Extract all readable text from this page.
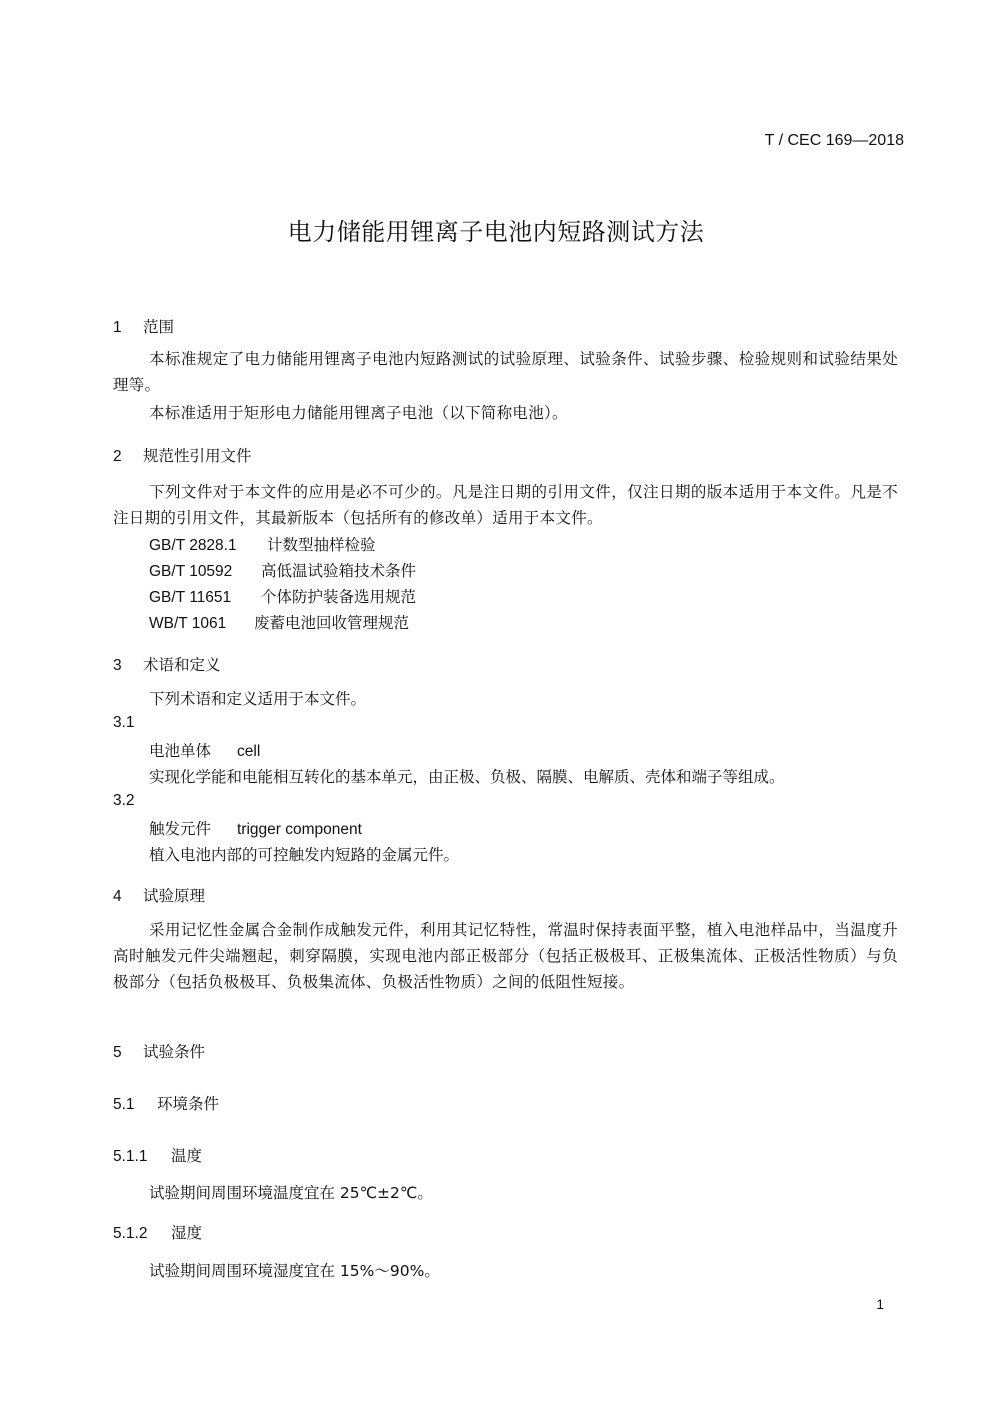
T / CEC 169—2018
电力储能用锂离子电池内短路测试方法
1 范围
本标准规定了电力储能用锂离子电池内短路测试的试验原理、试验条件、试验步骤、检验规则和试验结果处理等。
本标准适用于矩形电力储能用锂离子电池（以下简称电池）。
2 规范性引用文件
下列文件对于本文件的应用是必不可少的。凡是注日期的引用文件，仅注日期的版本适用于本文件。凡是不注日期的引用文件，其最新版本（包括所有的修改单）适用于本文件。
GB/T 2828.1 计数型抽样检验
GB/T 10592 高低温试验箱技术条件
GB/T 11651 个体防护装备选用规范
WB/T 1061 废蓄电池回收管理规范
3 术语和定义
下列术语和定义适用于本文件。
3.1
电池单体 cell
实现化学能和电能相互转化的基本单元，由正极、负极、隔膜、电解质、壳体和端子等组成。
3.2
触发元件 trigger component
植入电池内部的可控触发内短路的金属元件。
4 试验原理
采用记忆性金属合金制作成触发元件，利用其记忆特性，常温时保持表面平整，植入电池样品中，当温度升高时触发元件尖端翘起，刺穿隔膜，实现电池内部正极部分（包括正极极耳、正极集流体、正极活性物质）与负极部分（包括负极极耳、负极集流体、负极活性物质）之间的低阻性短接。
5 试验条件
5.1 环境条件
5.1.1 温度
试验期间周围环境温度宜在 25℃±2℃。
5.1.2 湿度
试验期间周围环境湿度宜在 15%～90%。
1
